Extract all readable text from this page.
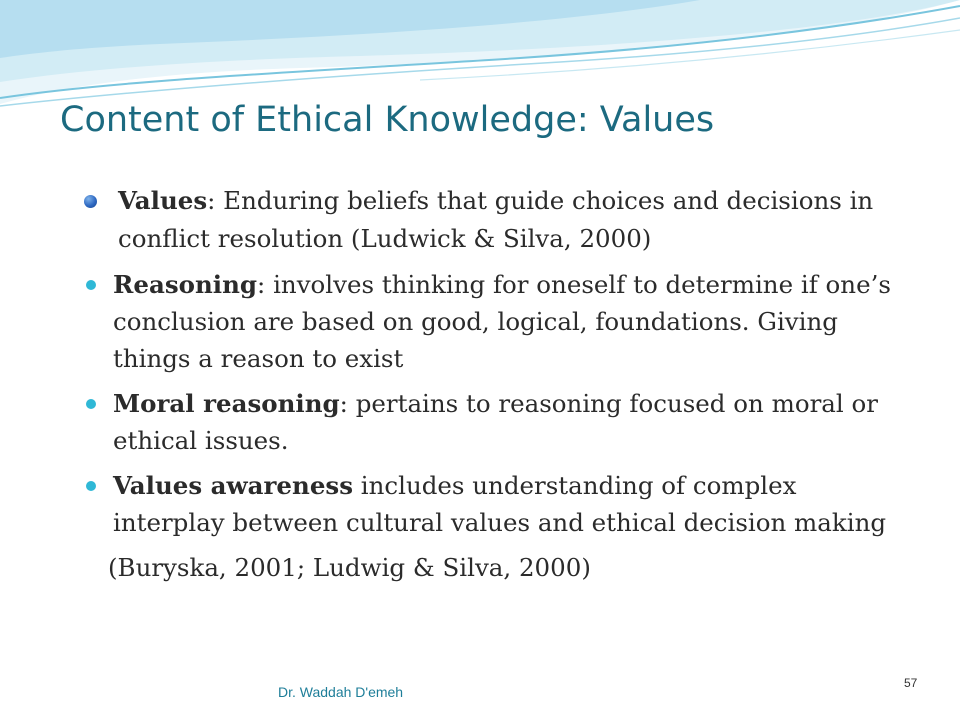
Content of Ethical Knowledge: Values
Values: Enduring beliefs that guide choices and decisions in conflict resolution (Ludwick & Silva, 2000)
Reasoning: involves thinking for oneself to determine if one’s conclusion are based on good, logical, foundations. Giving things a reason to exist
Moral reasoning: pertains to reasoning focused on moral or ethical issues.
Values awareness includes understanding of complex interplay between cultural values and ethical decision making
(Buryska, 2001; Ludwig & Silva, 2000)
Dr. Waddah D'emeh
57
